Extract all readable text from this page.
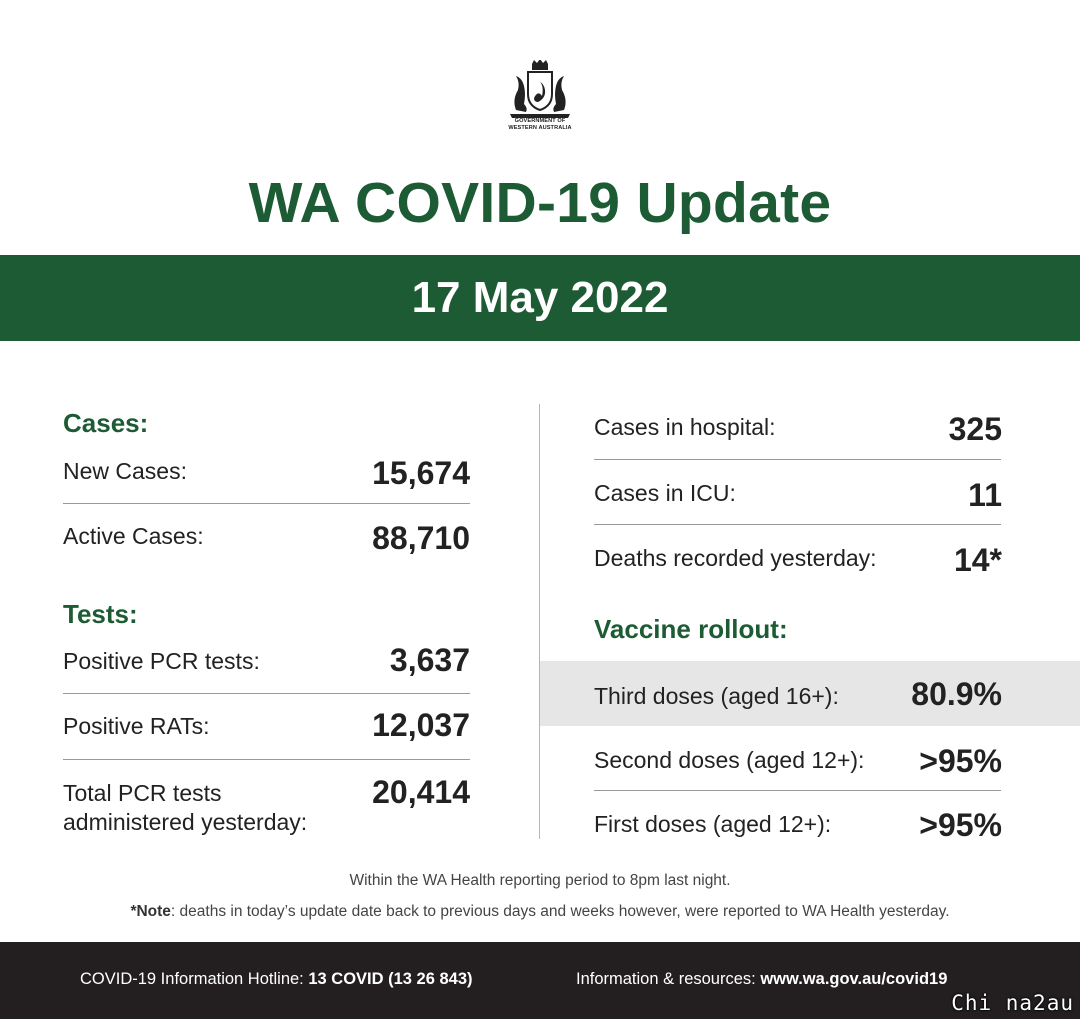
GOVERNMENT OF
WESTERN AUSTRALIA
WA COVID-19 Update
17 May 2022
Cases:
New Cases:	15,674
Active Cases:	88,710
Tests:
Positive PCR tests:	3,637
Positive RATs:	12,037
Total PCR tests
administered yesterday:
20,414
Cases in hospital:	325
Cases in ICU:	11
Deaths recorded yesterday: 14*
Vaccine rollout:
Third doses (aged 16+): 80.9%
Second doses (aged 12+): >95%
First doses (aged 12+):	>95%
Within the WA Health reporting period to 8pm last night.
*Note: deaths in today’s update date back to previous days and weeks however, were reported to WA Health yesterday.
COVID-19 Information Hotline: 13 COVID (13 26 843)	Information & resources: www.wa.gov.au/covid19
Chi na2au
